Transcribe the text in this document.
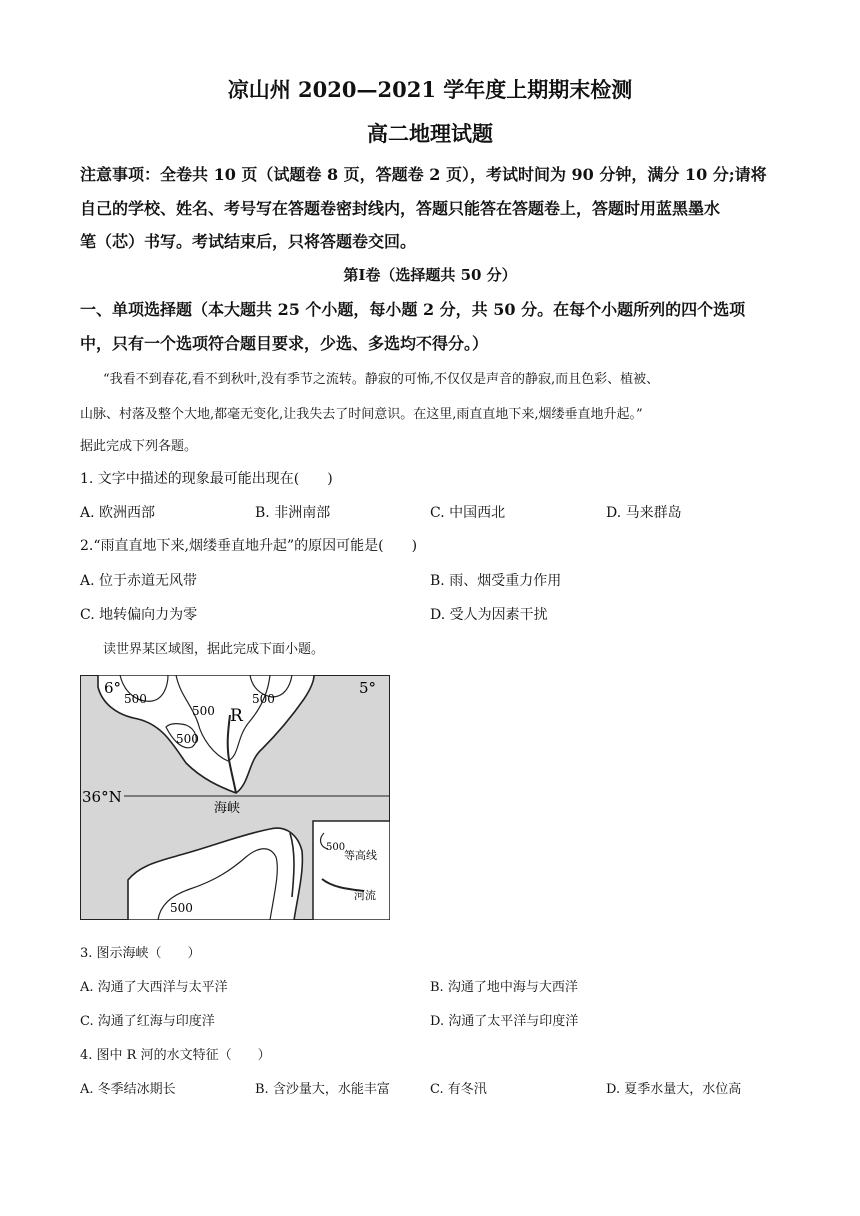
凉山州 2020—2021 学年度上期期末检测
高二地理试题
注意事项：全卷共 10 页（试题卷 8 页，答题卷 2 页），考试时间为 90 分钟，满分 10 分;请将
自己的学校、姓名、考号写在答题卷密封线内，答题只能答在答题卷上，答题时用蓝黑墨水
笔（芯）书写。考试结束后，只将答题卷交回。
第Ⅰ卷（选择题共 50 分）
一、单项选择题（本大题共 25 个小题，每小题 2 分，共 50 分。在每个小题所列的四个选项
中，只有一个选项符合题目要求，少选、多选均不得分。）
“我看不到春花,看不到秋叶,没有季节之流转。静寂的可怖,不仅仅是声音的静寂,而且色彩、植被、
山脉、村落及整个大地,都毫无变化,让我失去了时间意识。在这里,雨直直地下来,烟缕垂直地升起。”
据此完成下列各题。
1. 文字中描述的现象最可能出现在(　　)
A. 欧洲西部	B. 非洲南部	C. 中国西北	D. 马来群岛
2.“雨直直地下来,烟缕垂直地升起”的原因可能是(　　)
A. 位于赤道无风带	B. 雨、烟受重力作用
C. 地转偏向力为零	D. 受人为因素干扰
读世界某区域图，据此完成下面小题。
6°	5°
36°N
海峡
R
500
500
500
500
500
500
等高线
河流
3. 图示海峡（　　）
A. 沟通了大西洋与太平洋	B. 沟通了地中海与大西洋
C. 沟通了红海与印度洋	D. 沟通了太平洋与印度洋
4. 图中 R 河的水文特征（　　）
A. 冬季结冰期长	B. 含沙量大，水能丰富	C. 有冬汛	D. 夏季水量大，水位高
